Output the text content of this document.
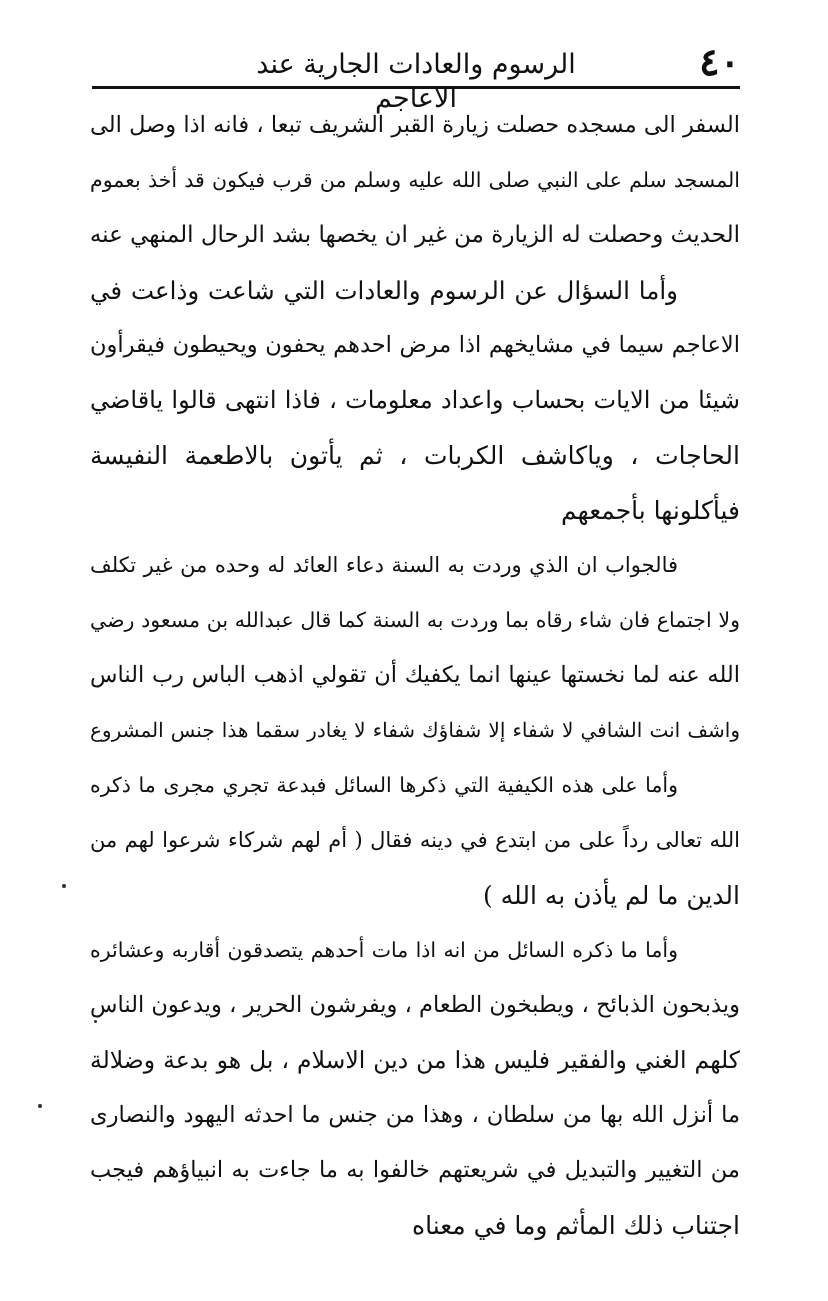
٤٠
الرسوم والعادات الجارية عند الاعاجم
السفر الى مسجده حصلت زيارة القبر الشريف تبعا ، فانه اذا وصل الى
المسجد سلم على النبي صلى الله عليه وسلم من قرب فيكون قد أخذ بعموم
الحديث وحصلت له الزيارة من غير ان يخصها بشد الرحال المنهي عنه
وأما السؤال عن الرسوم والعادات التي شاعت وذاعت في
الاعاجم سيما في مشايخهم اذا مرض احدهم يحفون ويحيطون فيقرأون
شيئا من الايات بحساب واعداد معلومات ، فاذا انتهى قالوا ياقاضي
الحاجات ، وياكاشف الكربات ، ثم يأتون بالاطعمة النفيسة
فيأكلونها بأجمعهم
فالجواب ان الذي وردت به السنة دعاء العائد له وحده من غير تكلف
ولا اجتماع فان شاء رقاه بما وردت به السنة كما قال عبدالله بن مسعود رضي
الله عنه لما نخستها عينها انما يكفيك أن تقولي اذهب الباس رب الناس
واشف انت الشافي لا شفاء إلا شفاؤك شفاء لا يغادر سقما هذا جنس المشروع
وأما على هذه الكيفية التي ذكرها السائل فبدعة تجري مجرى ما ذكره
الله تعالى رداً على من ابتدع في دينه فقال ( أم لهم شركاء شرعوا لهم من
الدين ما لم يأذن به الله )
وأما ما ذكره السائل من انه اذا مات أحدهم يتصدقون أقاربه وعشائره
ويذبحون الذبائح ، ويطبخون الطعام ، ويفرشون الحرير ، ويدعون الناس
كلهم الغني والفقير فليس هذا من دين الاسلام ، بل هو بدعة وضلالة
ما أنزل الله بها من سلطان ، وهذا من جنس ما احدثه اليهود والنصارى
من التغيير والتبديل في شريعتهم خالفوا به ما جاءت به انبياؤهم فيجب
اجتناب ذلك المأثم وما في معناه
